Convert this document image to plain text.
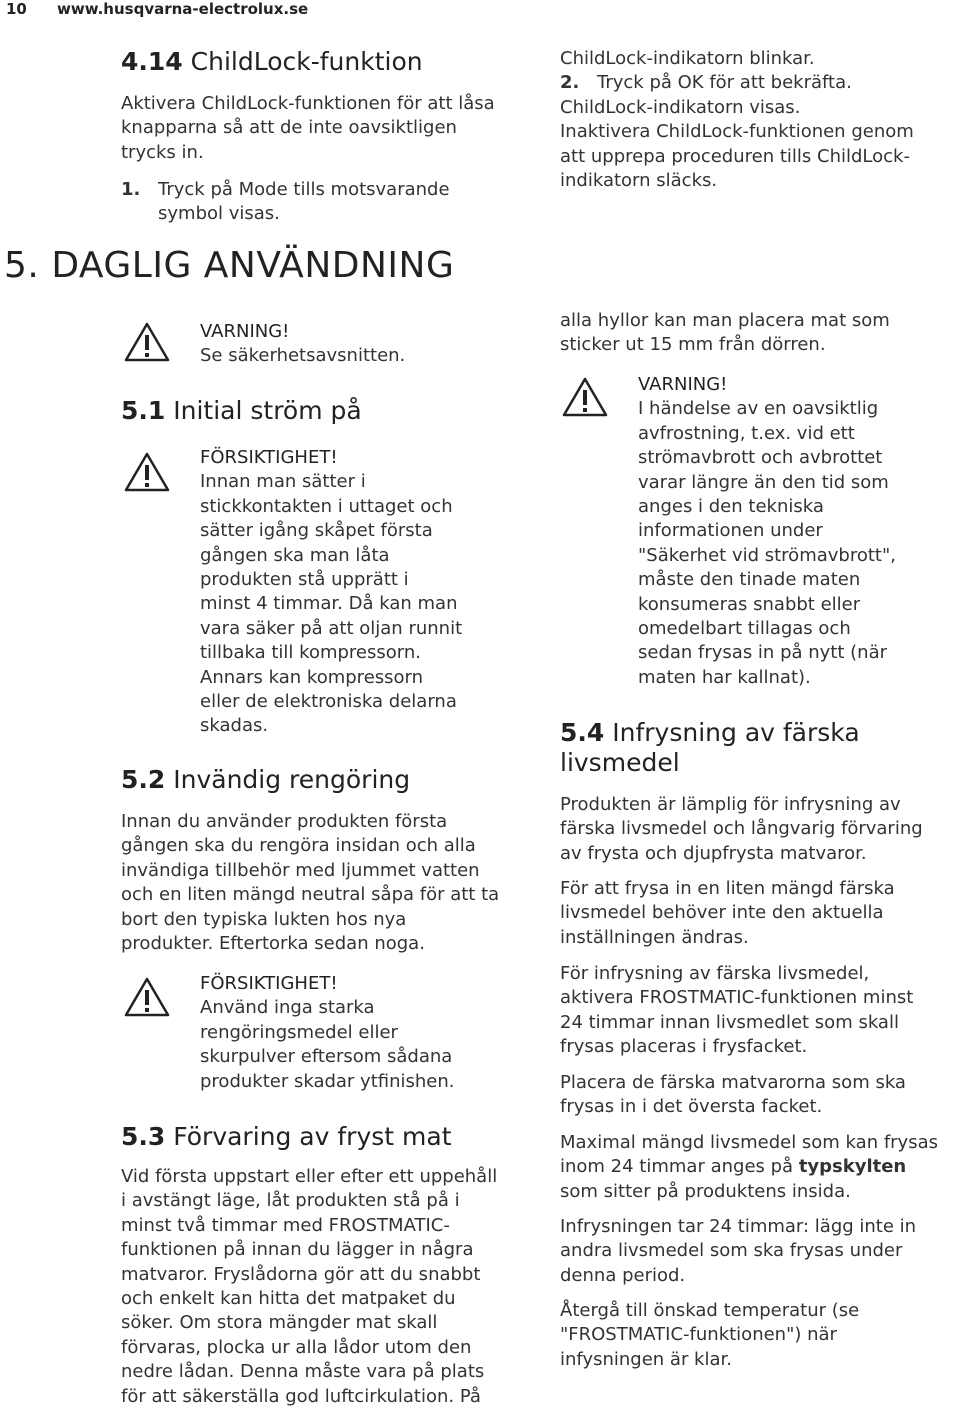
10 www.husqvarna-electrolux.se
4.14 ChildLock-funktion
Aktivera ChildLock-funktionen för att låsa
knapparna så att de inte oavsiktligen
trycks in.
1. Tryck på Mode tills motsvarande
symbol visas.
5. DAGLIG ANVÄNDNING
VARNING!
Se säkerhetsavsnitten.
5.1 Initial ström på
FÖRSIKTIGHET!
Innan man sätter i
stickkontakten i uttaget och
sätter igång skåpet första
gången ska man låta
produkten stå upprätt i
minst 4 timmar. Då kan man
vara säker på att oljan runnit
tillbaka till kompressorn.
Annars kan kompressorn
eller de elektroniska delarna
skadas.
5.2 Invändig rengöring
Innan du använder produkten första
gången ska du rengöra insidan och alla
invändiga tillbehör med ljummet vatten
och en liten mängd neutral såpa för att ta
bort den typiska lukten hos nya
produkter. Eftertorka sedan noga.
FÖRSIKTIGHET!
Använd inga starka
rengöringsmedel eller
skurpulver eftersom sådana
produkter skadar ytfinishen.
5.3 Förvaring av fryst mat
Vid första uppstart eller efter ett uppehåll
i avstängt läge, låt produkten stå på i
minst två timmar med FROSTMATIC-
funktionen på innan du lägger in några
matvaror. Fryslådorna gör att du snabbt
och enkelt kan hitta det matpaket du
söker. Om stora mängder mat skall
förvaras, plocka ur alla lådor utom den
nedre lådan. Denna måste vara på plats
för att säkerställa god luftcirkulation. På
ChildLock-indikatorn blinkar.
2. Tryck på OK för att bekräfta.
ChildLock-indikatorn visas.
Inaktivera ChildLock-funktionen genom
att upprepa proceduren tills ChildLock-
indikatorn släcks.
alla hyllor kan man placera mat som
sticker ut 15 mm från dörren.
VARNING!
I händelse av en oavsiktlig
avfrostning, t.ex. vid ett
strömavbrott och avbrottet
varar längre än den tid som
anges i den tekniska
informationen under
"Säkerhet vid strömavbrott",
måste den tinade maten
konsumeras snabbt eller
omedelbart tillagas och
sedan frysas in på nytt (när
maten har kallnat).
5.4 Infrysning av färska
livsmedel
Produkten är lämplig för infrysning av
färska livsmedel och långvarig förvaring
av frysta och djupfrysta matvaror.
För att frysa in en liten mängd färska
livsmedel behöver inte den aktuella
inställningen ändras.
För infrysning av färska livsmedel,
aktivera FROSTMATIC-funktionen minst
24 timmar innan livsmedlet som skall
frysas placeras i frysfacket.
Placera de färska matvarorna som ska
frysas in i det översta facket.
Maximal mängd livsmedel som kan frysas
inom 24 timmar anges på typskylten
som sitter på produktens insida.
Infrysningen tar 24 timmar: lägg inte in
andra livsmedel som ska frysas under
denna period.
Återgå till önskad temperatur (se
"FROSTMATIC-funktionen") när
infysningen är klar.
